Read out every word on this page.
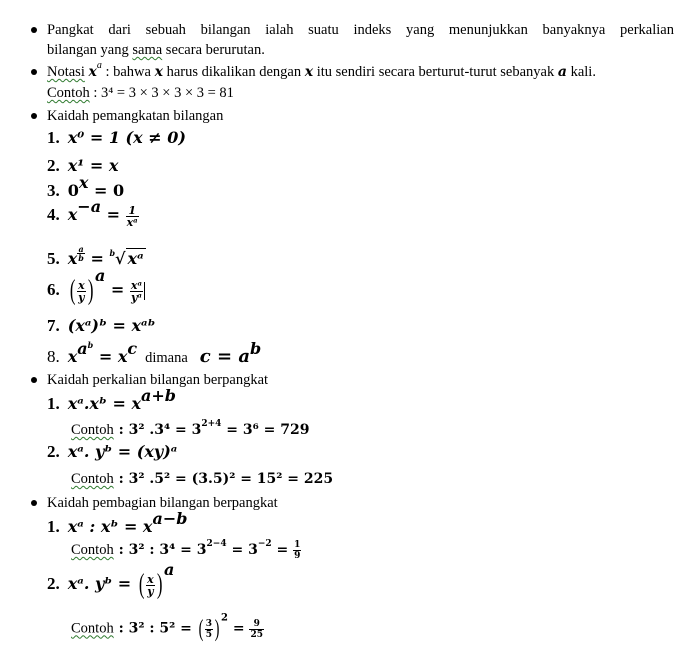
Pangkat dari sebuah bilangan ialah suatu indeks yang menunjukkan banyaknya perkalian
bilangan yang sama secara berurutan.
Notasi $x^a$ : bahwa x harus dikalikan dengan x itu sendiri secara berturut-turut sebanyak a kali.
Contoh : 3⁴ = 3 × 3 × 3 × 3 = 81
Kaidah pemangkatan bilangan
1. x⁰ = 1 (x ≠ 0)
2. x¹ = x
3. $0^x = 0$
4. $x^{-a} = \frac{1}{\text{xᵃ}}$
5. x $^{\frac{a}{b}}$ = $^b$√ xᵃ
6. ( $\frac{x}{y}$ ) $^a = \frac{\text{xᵃ}}{\text{yᵃ}}$
7. (xᵃ)ᵇ = xᵃᵇ
8. $x^{a^b} = x^c$ dimana $c = a^b$
Kaidah perkalian bilangan berpangkat
1. xᵃ.xᵇ = $x^{a+b}$
Contoh : 3² $.3^4 = 3^{2+4} = 3^6 = 729$
2. xᵃ. yᵇ = (xy)ᵃ
Contoh : 3² .5² = (3.5)² = 15² = 225
Kaidah pembagian bilangan berpangkat
1. xᵃ : xᵇ = $x^{a-b}$
Contoh : 3² : $3^4 = 3^{2-4} = 3^{-2} = \frac{1}{9}$
2. xᵃ. yᵇ = ( $\frac{x}{y}$ ) $^a$
Contoh : 3² : 5² = ( $\frac{3}{5}$ ) $^2 = \frac{9}{25}$
